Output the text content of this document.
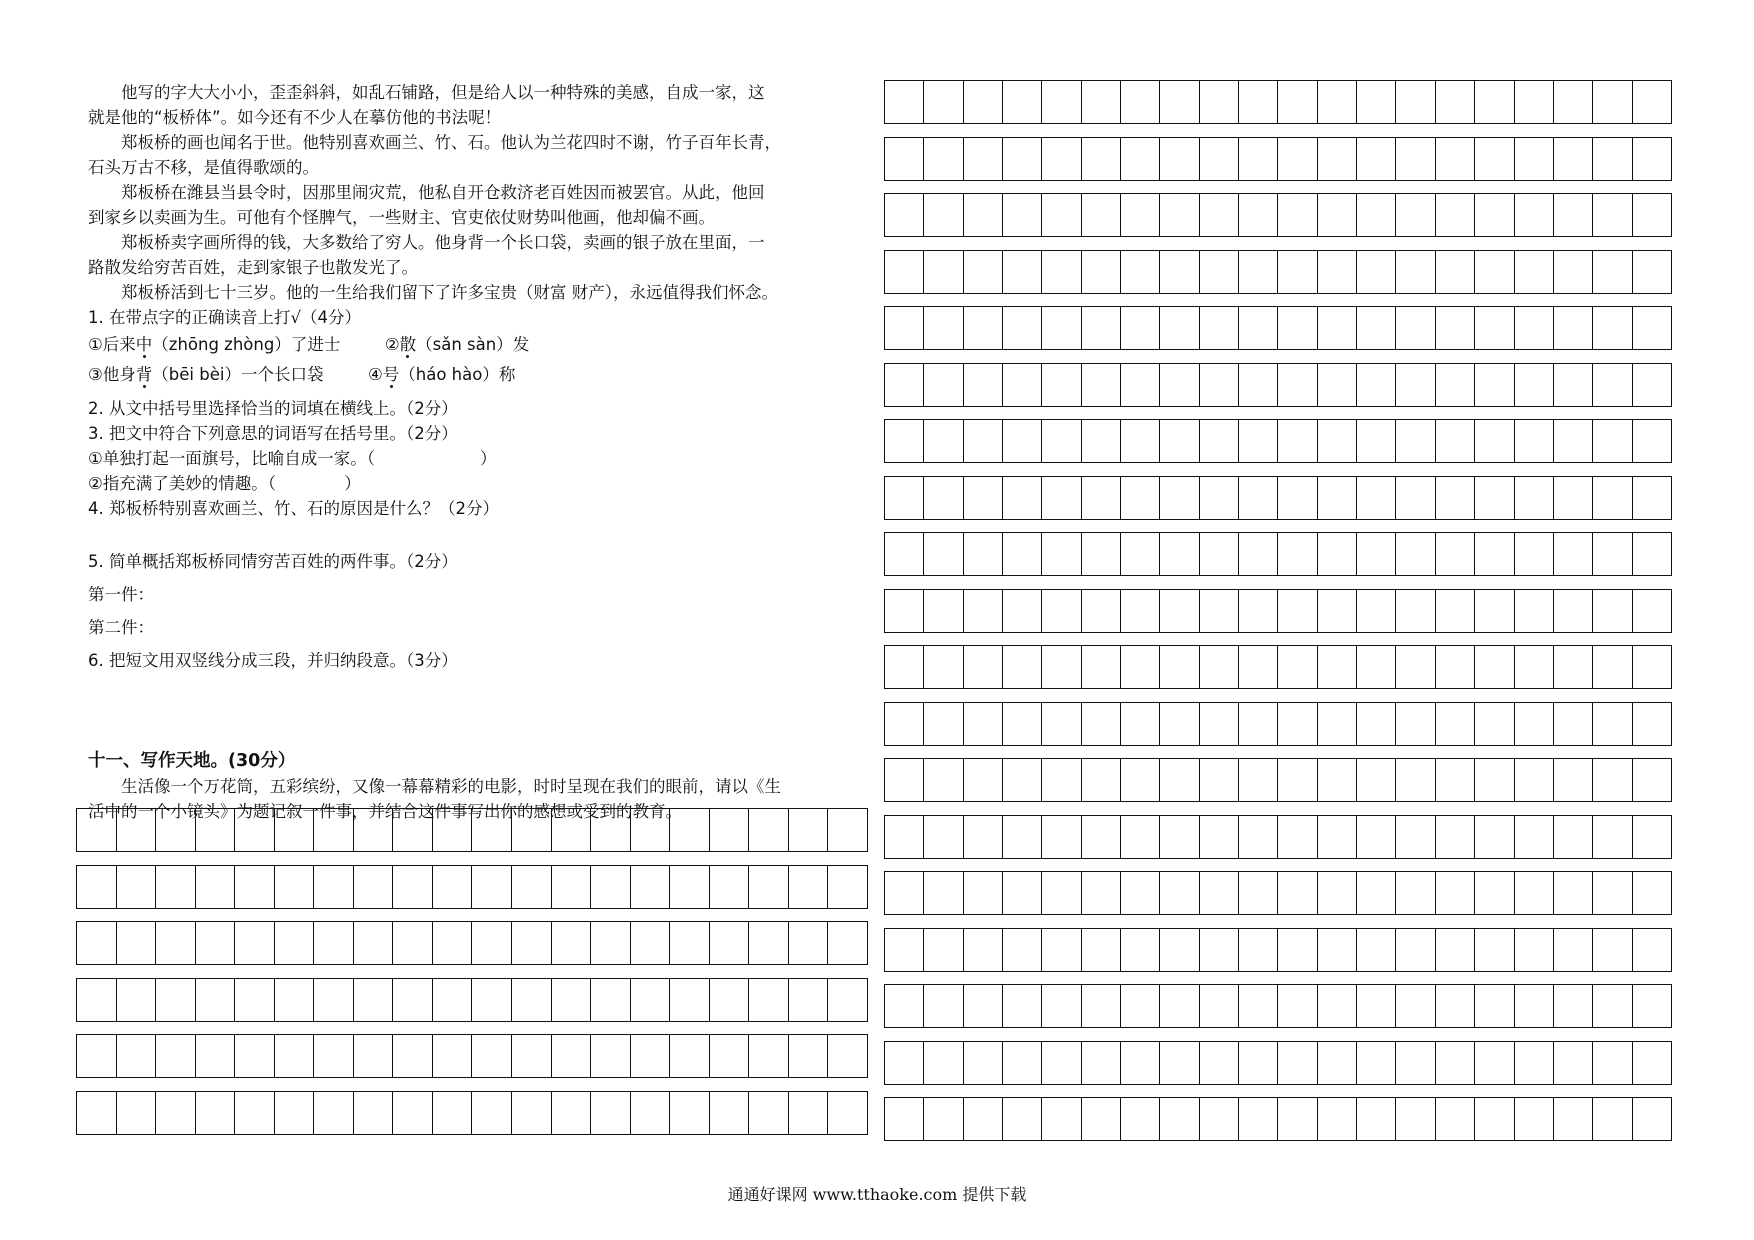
他写的字大大小小，歪歪斜斜，如乱石铺路，但是给人以一种特殊的美感，自成一家，这
就是他的“板桥体”。如今还有不少人在摹仿他的书法呢！
郑板桥的画也闻名于世。他特别喜欢画兰、竹、石。他认为兰花四时不谢，竹子百年长青，
石头万古不移，是值得歌颂的。
郑板桥在潍县当县令时，因那里闹灾荒，他私自开仓救济老百姓因而被罢官。从此，他回
到家乡以卖画为生。可他有个怪脾气，一些财主、官吏依仗财势叫他画，他却偏不画。
郑板桥卖字画所得的钱，大多数给了穷人。他身背一个长口袋，卖画的银子放在里面，一
路散发给穷苦百姓，走到家银子也散发光了。
郑板桥活到七十三岁。他的一生给我们留下了许多宝贵（财富 财产），永远值得我们怀念。
1. 在带点字的正确读音上打√（4分）
①后来中（zhōng zhòng）了进士	②散（sǎn sàn）发
③他身背（bēi bèi）一个长口袋	④号（háo hào）称
2. 从文中括号里选择恰当的词填在横线上。（2分）
3. 把文中符合下列意思的词语写在括号里。（2分）
①单独打起一面旗号，比喻自成一家。（                    ）
②指充满了美妙的情趣。（             ）
4. 郑板桥特别喜欢画兰、竹、石的原因是什么？（2分）
5. 简单概括郑板桥同情穷苦百姓的两件事。（2分）
第一件：
第二件：
6. 把短文用双竖线分成三段，并归纳段意。（3分）
十一、写作天地。(30分）
生活像一个万花筒，五彩缤纷，又像一幕幕精彩的电影，时时呈现在我们的眼前，请以《生
活中的一个小镜头》为题记叙一件事，并结合这件事写出你的感想或受到的教育。
通通好课网 www.tthaoke.com 提供下载
